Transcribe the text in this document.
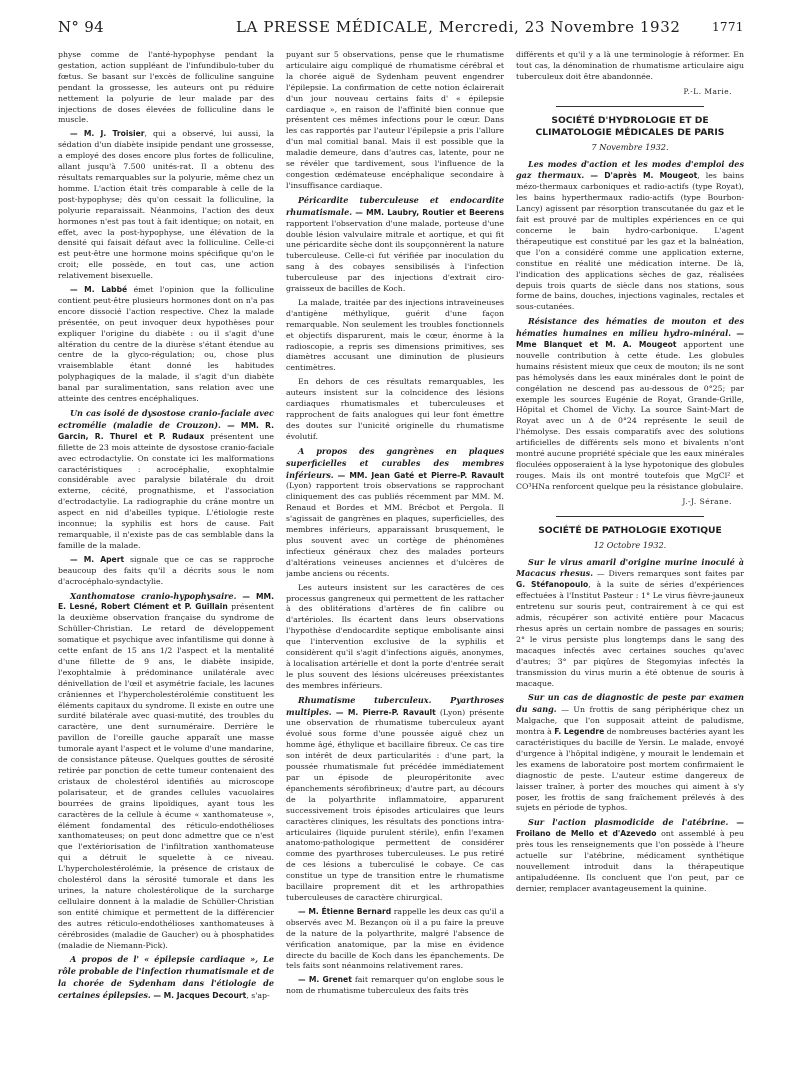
N° 94	LA PRESSE MÉDICALE, Mercredi, 23 Novembre 1932	1771

physe comme de l'anté-hypophyse pendant la gestation, action suppléant de l'infundibulo-tuber du fœtus. Se basant sur l'excès de folliculine sanguine pendant la grossesse, les auteurs ont pu réduire nettement la polyurie de leur malade par des injections de doses élevées de folliculine dans le muscle.

— M. J. Troisier, qui a observé, lui aussi, la sédation d'un diabète insipide pendant une grossesse, a employé des doses encore plus fortes de folliculine, allant jusqu'à 7.500 unités-rat. Il a obtenu des résultats remarquables sur la polyurie, même chez un homme. L'action était très comparable à celle de la post-hypophyse; dès qu'on cessait la folliculine, la polyurie reparaissait. Néanmoins, l'action des deux hormones n'est pas tout à fait identique; on notait, en effet, avec la post-hypophyse, une élévation de la densité qui faisait défaut avec la folliculine. Celle-ci est peut-être une hormone moins spécifique qu'on le croit; elle possède, en tout cas, une action relativement bisexuelle.

— M. Labbé émet l'opinion que la folliculine contient peut-être plusieurs hormones dont on n'a pas encore dissocié l'action respective. Chez la malade présentée, on peut invoquer deux hypothèses pour expliquer l'origine du diabète : ou il s'agit d'une altération du centre de la diurèse s'étant étendue au centre de la glyco-régulation; ou, chose plus vraisemblable étant donné les habitudes polyphagiques de la malade, il s'agit d'un diabète banal par suralimentation, sans relation avec une atteinte des centres encéphaliques.

Un cas isolé de dysostose cranio-faciale avec ectromélie (maladie de Crouzon). — MM. R. Garcin, R. Thurel et P. Rudaux présentent une fillette de 23 mois atteinte de dysostose cranio-faciale avec ectrodactylie. On constate ici les malformations caractéristiques : acrocéphalie, exophtalmie considérable avec paralysie bilatérale du droit externe, cécité, prognathisme, et l'association d'ectrodactylie. La radiographie du crâne montre un aspect en nid d'abeilles typique. L'étiologie reste inconnue; la syphilis est hors de cause. Fait remarquable, il n'existe pas de cas semblable dans la famille de la malade.

— M. Apert signale que ce cas se rapproche beaucoup des faits qu'il a décrits sous le nom d'acrocéphalo-syndactylie.

Xanthomatose cranio-hypophysaire. — MM. E. Lesné, Robert Clément et P. Guillain présentent la deuxième observation française du syndrome de Schüller-Christian. Le retard de développement somatique et psychique avec infantilisme qui donne à cette enfant de 15 ans 1/2 l'aspect et la mentalité d'une fillette de 9 ans, le diabète insipide, l'exophtalmie à prédominance unilatérale avec dénivellation de l'œil et asymétrie faciale, les lacunes crâniennes et l'hypercholestérolémie constituent les éléments capitaux du syndrome. Il existe en outre une surdité bilatérale avec quasi-mutité, des troubles du caractère, une dent surnuméraire. Derrière le pavillon de l'oreille gauche apparaît une masse tumorale ayant l'aspect et le volume d'une mandarine, de consistance pâteuse. Quelques gouttes de sérosité retirée par ponction de cette tumeur contenaient des cristaux de cholestérol identifiés au microscope polarisateur, et de grandes cellules vacuolaires bourrées de grains lipoïdiques, ayant tous les caractères de la cellule à écume « xanthomateuse », élément fondamental des réticulo-endothélioses xanthomateuses; on peut donc admettre que ce n'est que l'extériorisation de l'infiltration xanthomateuse qui a détruit le squelette à ce niveau. L'hypercholestérolémie, la présence de cristaux de cholestérol dans la sérosité tumorale et dans les urines, la nature cholestérolique de la surcharge cellulaire donnent à la maladie de Schüller-Christian son entité chimique et permettent de la différencier des autres réticulo-endothélioses xanthomateuses à cérébrosides (maladie de Gaucher) ou à phosphatides (maladie de Niemann-Pick).

A propos de l' « épilepsie cardiaque », Le rôle probable de l'infection rhumatismale et de la chorée de Sydenham dans l'étiologie de certaines épilepsies. — M. Jacques Decourt, s'ap-

puyant sur 5 observations, pense que le rhumatisme articulaire aigu compliqué de rhumatisme cérébral et la chorée aiguë de Sydenham peuvent engendrer l'épilepsie. La confirmation de cette notion éclairerait d'un jour nouveau certains faits d' « épilepsie cardiaque », en raison de l'affinité bien connue que présentent ces mêmes infections pour le cœur. Dans les cas rapportés par l'auteur l'épilepsie a pris l'allure d'un mal comitial banal. Mais il est possible que la maladie demeure, dans d'autres cas, latente, pour ne se révéler que tardivement, sous l'influence de la congestion œdémateuse encéphalique secondaire à l'insuffisance cardiaque.

Péricardite tuberculeuse et endocardite rhumatismale. — MM. Laubry, Routier et Beerens rapportent l'observation d'une malade, porteuse d'une double lésion valvulaire mitrale et aortique, et qui fit une péricardite sèche dont ils soupçonnèrent la nature tuberculeuse. Celle-ci fut vérifiée par inoculation du sang à des cobayes sensibilisés à l'infection tuberculeuse par des injections d'extrait ciro-graisseux de bacilles de Koch.

La malade, traitée par des injections intraveineuses d'antigène méthylique, guérit d'une façon remarquable. Non seulement les troubles fonctionnels et objectifs disparurent, mais le cœur, énorme à la radioscopie, a repris ses dimensions primitives, ses diamètres accusant une diminution de plusieurs centimètres.

En dehors de ces résultats remarquables, les auteurs insistent sur la coïncidence des lésions cardiaques rhumatismales et tuberculeuses et rapprochent de faits analogues qui leur font émettre des doutes sur l'unicité originelle du rhumatisme évolutif.

A propos des gangrènes en plaques superficielles et curables des membres inférieurs. — MM. Jean Gaté et Pierre-P. Ravault (Lyon) rapportent trois observations se rapprochant cliniquement des cas publiés récemment par MM. M. Renaud et Bordes et MM. Brécbot et Pergola. Il s'agissait de gangrènes en plaques, superficielles, des membres inférieurs, apparaissant brusquement, le plus souvent avec un cortège de phénomènes infectieux généraux chez des malades porteurs d'altérations veineuses anciennes et d'ulcères de jambe anciens ou récents.

Les auteurs insistent sur les caractères de ces processus gangreneux qui permettent de les rattacher à des oblitérations d'artères de fin calibre ou d'artérioles. Ils écartent dans leurs observations l'hypothèse d'endocardite septique embolisante ainsi que l'intervention exclusive de la syphilis et considèrent qu'il s'agit d'infections aiguës, anonymes, à localisation artérielle et dont la porte d'entrée serait le plus souvent des lésions ulcéreuses préexistantes des membres inférieurs.

Rhumatisme tuberculeux. Pyarthroses multiples. — M. Pierre-P. Ravault (Lyon) présente une observation de rhumatisme tuberculeux ayant évolué sous forme d'une poussée aiguë chez un homme âgé, éthylique et bacillaire fibreux. Ce cas tire son intérêt de deux particularités : d'une part, la poussée rhumatismale fut précédée immédiatement par un épisode de pleuropéritonite avec épanchements sérofibrineux; d'autre part, au décours de la polyarthrite inflammatoire, apparurent successivement trois épisodes articulaires que leurs caractères cliniques, les résultats des ponctions intra-articulaires (liquide purulent stérile), enfin l'examen anatomo-pathologique permettent de considérer comme des pyarthroses tuberculeuses. Le pus retiré de ces lésions a tuberculisé le cobaye. Ce cas constitue un type de transition entre le rhumatisme bacillaire proprement dit et les arthropathies tuberculeuses de caractère chirurgical.

— M. Étienne Bernard rappelle les deux cas qu'il a observés avec M. Bezançon où il a pu faire la preuve de la nature de la polyarthrite, malgré l'absence de vérification anatomique, par la mise en évidence directe du bacille de Koch dans les épanchements. De tels faits sont néanmoins relativement rares.

— M. Grenet fait remarquer qu'on englobe sous le nom de rhumatisme tuberculeux des faits très

différents et qu'il y a là une terminologie à réformer. En tout cas, la dénomination de rhumatisme articulaire aigu tuberculeux doit être abandonnée.

P.-L. Marie.
SOCIÉTÉ D'HYDROLOGIE ET DE CLIMATOLOGIE MÉDICALES DE PARIS
7 Novembre 1932.

Les modes d'action et les modes d'emploi des gaz thermaux. — D'après M. Mougeot, les bains mézo-thermaux carboniques et radio-actifs (type Royat), les bains hyperthermaux radio-actifs (type Bourbon-Lancy) agissent par résorption transcutanée du gaz et le fait est prouvé par de multiples expériences en ce qui concerne le bain hydro-carbonique. L'agent thérapeutique est constitué par les gaz et la balnéation, que l'on a considéré comme une application externe, constitue en réalité une médication interne. De là, l'indication des applications sèches de gaz, réalisées depuis trois quarts de siècle dans nos stations, sous forme de bains, douches, injections vaginales, rectales et sous-cutanées.

Résistance des hématies de mouton et des hématies humaines en milieu hydro-minéral. — Mme Blanquet et M. A. Mougeot apportent une nouvelle contribution à cette étude. Les globules humains résistent mieux que ceux de mouton; ils ne sont pas hémolysés dans les eaux minérales dont le point de congélation ne descend pas au-dessous de 0°25; par exemple les sources Eugénie de Royat, Grande-Grille, Hôpital et Chomel de Vichy. La source Saint-Mart de Royat avec un Δ de 0°24 représente le seuil de l'hémolyse. Des essais comparatifs avec des solutions artificielles de différents sels mono et bivalents n'ont montré aucune propriété spéciale que les eaux minérales floculées opposeraient à la lyse hypotonique des globules rouges. Mais ils ont montré toutefois que MgCl² et CO³HNa renforcent quelque peu la résistance globulaire.

J.-J. Sérane.
SOCIÉTÉ DE PATHOLOGIE EXOTIQUE
12 Octobre 1932.

Sur le virus amaril d'origine murine inoculé à Macacus rhesus. — Divers remarques sont faites par G. Stéfanopoulo, à la suite de séries d'expériences effectuées à l'Institut Pasteur : 1° Le virus fièvre-jauneux entretenu sur souris peut, contrairement à ce qui est admis, récupérer son activité entière pour Macacus rhesus après un certain nombre de passages en souris; 2° le virus persiste plus longtemps dans le sang des macaques infectés avec certaines souches qu'avec d'autres; 3° par piqûres de Stegomyias infectés la transmission du virus murin a été obtenue de souris à macaque.

Sur un cas de diagnostic de peste par examen du sang. — Un frottis de sang périphérique chez un Malgache, que l'on supposait atteint de paludisme, montra à F. Legendre de nombreuses bactéries ayant les caractéristiques du bacille de Yersin. Le malade, envoyé d'urgence à l'hôpital indigène, y mourait le lendemain et les examens de laboratoire post mortem confirmaient le diagnostic de peste. L'auteur estime dangereux de laisser traîner, à porter des mouches qui aiment à s'y poser, les frottis de sang fraîchement prélevés à des sujets en période de typhos.

Sur l'action plasmodicide de l'atébrine. — Froilano de Mello et d'Azevedo ont assemblé à peu près tous les renseignements que l'on possède à l'heure actuelle sur l'atébrine, médicament synthétique nouvellement introduit dans la thérapeutique antipaludéenne. Ils concluent que l'on peut, par ce dernier, remplacer avantageusement la quinine.
